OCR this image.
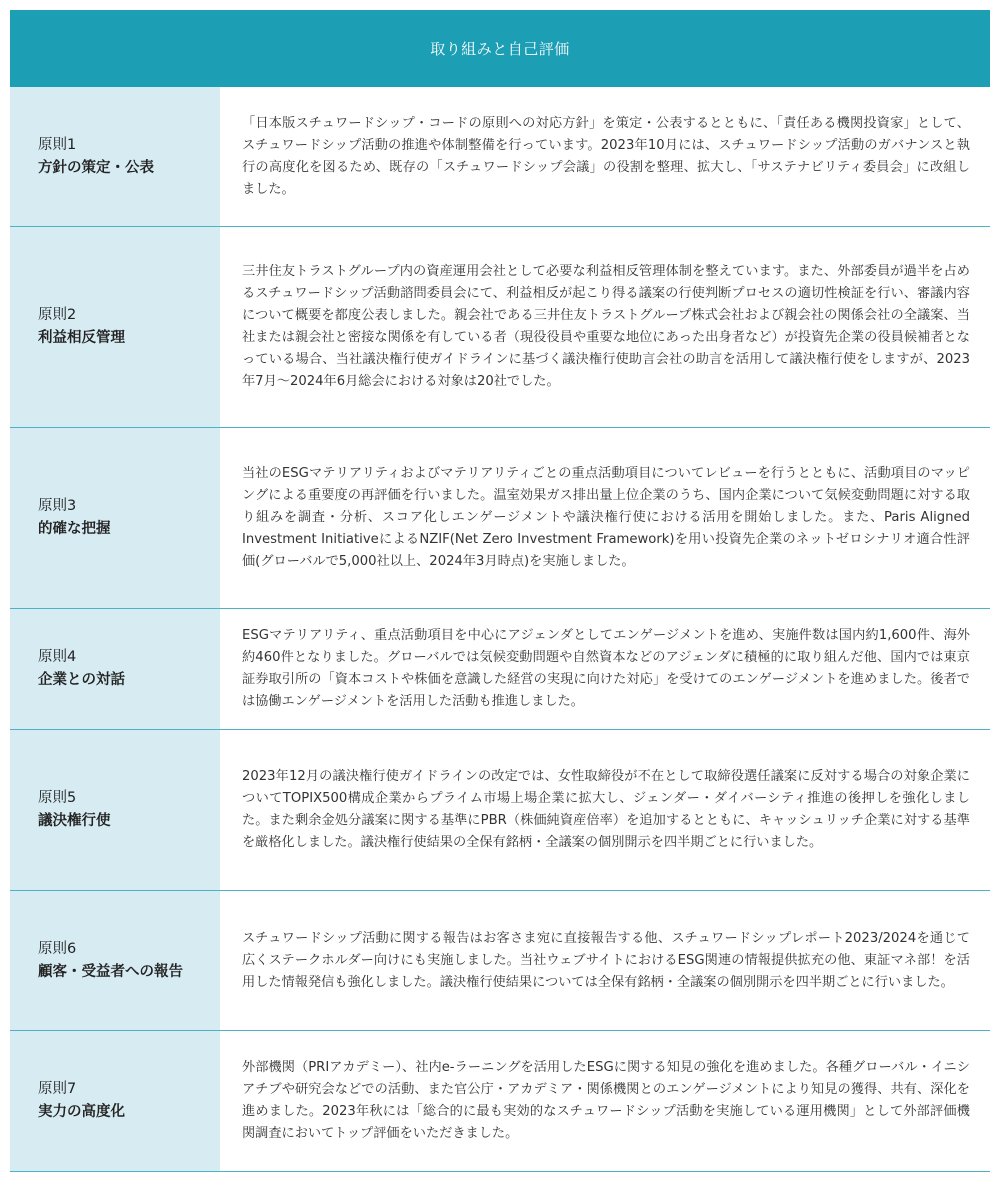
取り組みと自己評価
原則1
方針の策定・公表
「日本版スチュワードシップ・コードの原則への対応方針」を策定・公表するとともに、「責任ある機関投資家」として、スチュワードシップ活動の推進や体制整備を行っています。2023年10月には、スチュワードシップ活動のガバナンスと執行の高度化を図るため、既存の「スチュワードシップ会議」の役割を整理、拡大し、「サステナビリティ委員会」に改組しました。
原則2
利益相反管理
三井住友トラストグループ内の資産運用会社として必要な利益相反管理体制を整えています。また、外部委員が過半を占めるスチュワードシップ活動諮問委員会にて、利益相反が起こり得る議案の行使判断プロセスの適切性検証を行い、審議内容について概要を都度公表しました。親会社である三井住友トラストグループ株式会社および親会社の関係会社の全議案、当社または親会社と密接な関係を有している者（現役役員や重要な地位にあった出身者など）が投資先企業の役員候補者となっている場合、当社議決権行使ガイドラインに基づく議決権行使助言会社の助言を活用して議決権行使をしますが、2023年7月〜2024年6月総会における対象は20社でした。
原則3
的確な把握
当社のESGマテリアリティおよびマテリアリティごとの重点活動項目についてレビューを行うとともに、活動項目のマッピングによる重要度の再評価を行いました。温室効果ガス排出量上位企業のうち、国内企業について気候変動問題に対する取り組みを調査・分析、スコア化しエンゲージメントや議決権行使における活用を開始しました。また、Paris Aligned Investment InitiativeによるNZIF(Net Zero Investment Framework)を用い投資先企業のネットゼロシナリオ適合性評価(グローバルで5,000社以上、2024年3月時点)を実施しました。
原則4
企業との対話
ESGマテリアリティ、重点活動項目を中心にアジェンダとしてエンゲージメントを進め、実施件数は国内約1,600件、海外約460件となりました。グローバルでは気候変動問題や自然資本などのアジェンダに積極的に取り組んだ他、国内では東京証券取引所の「資本コストや株価を意識した経営の実現に向けた対応」を受けてのエンゲージメントを進めました。後者では協働エンゲージメントを活用した活動も推進しました。
原則5
議決権行使
2023年12月の議決権行使ガイドラインの改定では、女性取締役が不在として取締役選任議案に反対する場合の対象企業についてTOPIX500構成企業からプライム市場上場企業に拡大し、ジェンダー・ダイバーシティ推進の後押しを強化しました。また剰余金処分議案に関する基準にPBR（株価純資産倍率）を追加するとともに、キャッシュリッチ企業に対する基準を厳格化しました。議決権行使結果の全保有銘柄・全議案の個別開示を四半期ごとに行いました。
原則6
顧客・受益者への報告
スチュワードシップ活動に関する報告はお客さま宛に直接報告する他、スチュワードシップレポート2023/2024を通じて広くステークホルダー向けにも実施しました。当社ウェブサイトにおけるESG関連の情報提供拡充の他、東証マネ部！を活用した情報発信も強化しました。議決権行使結果については全保有銘柄・全議案の個別開示を四半期ごとに行いました。
原則7
実力の高度化
外部機関（PRIアカデミー）、社内e-ラーニングを活用したESGに関する知見の強化を進めました。各種グローバル・イニシアチブや研究会などでの活動、また官公庁・アカデミア・関係機関とのエンゲージメントにより知見の獲得、共有、深化を進めました。2023年秋には「総合的に最も実効的なスチュワードシップ活動を実施している運用機関」として外部評価機関調査においてトップ評価をいただきました。
